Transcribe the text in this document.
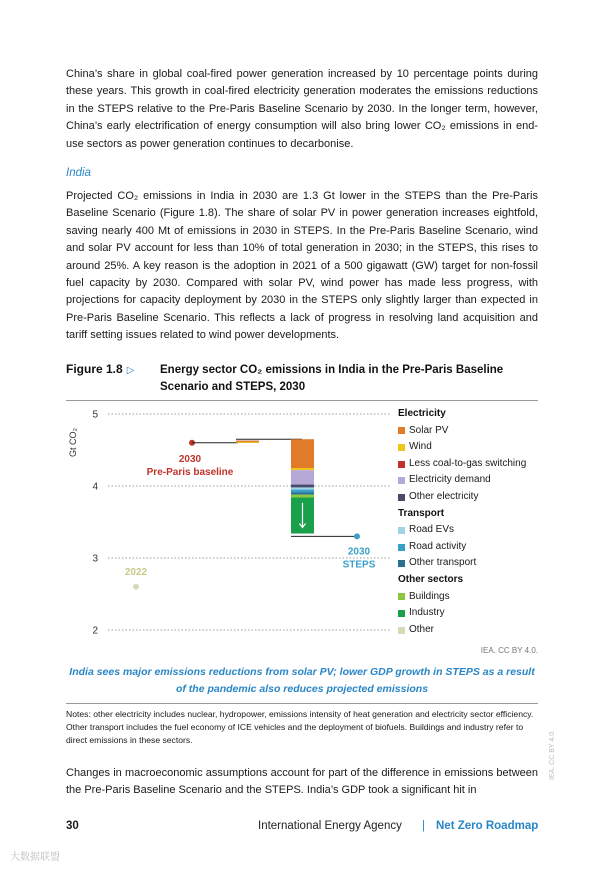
China’s share in global coal-fired power generation increased by 10 percentage points during these years. This growth in coal-fired electricity generation moderates the emissions reductions in the STEPS relative to the Pre-Paris Baseline Scenario by 2030. In the longer term, however, China’s early electrification of energy consumption will also bring lower CO₂ emissions in end-use sectors as power generation continues to decarbonise.

India

Projected CO₂ emissions in India in 2030 are 1.3 Gt lower in the STEPS than the Pre-Paris Baseline Scenario (Figure 1.8). The share of solar PV in power generation increases eightfold, saving nearly 400 Mt of emissions in 2030 in STEPS. In the Pre-Paris Baseline Scenario, wind and solar PV account for less than 10% of total generation in 2030; in the STEPS, this rises to around 25%. A key reason is the adoption in 2021 of a 500 gigawatt (GW) target for non-fossil fuel capacity by 2030. Compared with solar PV, wind power has made less progress, with projections for capacity deployment by 2030 in the STEPS only slightly larger than expected in Pre-Paris Baseline Scenario. This reflects a lack of progress in resolving land acquisition and tariff setting issues related to wind power developments.

Figure 1.8 ▷ Energy sector CO₂ emissions in India in the Pre-Paris Baseline Scenario and STEPS, 2030
Gt CO₂
2
3
4
5
2022
2030
Pre-Paris baseline
2030
STEPS
Electricity
Solar PV
Wind
Less coal-to-gas switching
Electricity demand
Other electricity
Transport
Road EVs
Road activity
Other transport
Other sectors
Buildings
Industry
Other
IEA. CC BY 4.0.
India sees major emissions reductions from solar PV; lower GDP growth in STEPS as a result of the pandemic also reduces projected emissions

Notes: other electricity includes nuclear, hydropower, emissions intensity of heat generation and electricity sector efficiency. Other transport includes the fuel economy of ICE vehicles and the deployment of biofuels. Buildings and industry refer to direct emissions in these sectors.

Changes in macroeconomic assumptions account for part of the difference in emissions between the Pre-Paris Baseline Scenario and the STEPS. India’s GDP took a significant hit in

30	International Energy Agency | Net Zero Roadmap
IEA. CC BY 4.0.
大数据联盟
